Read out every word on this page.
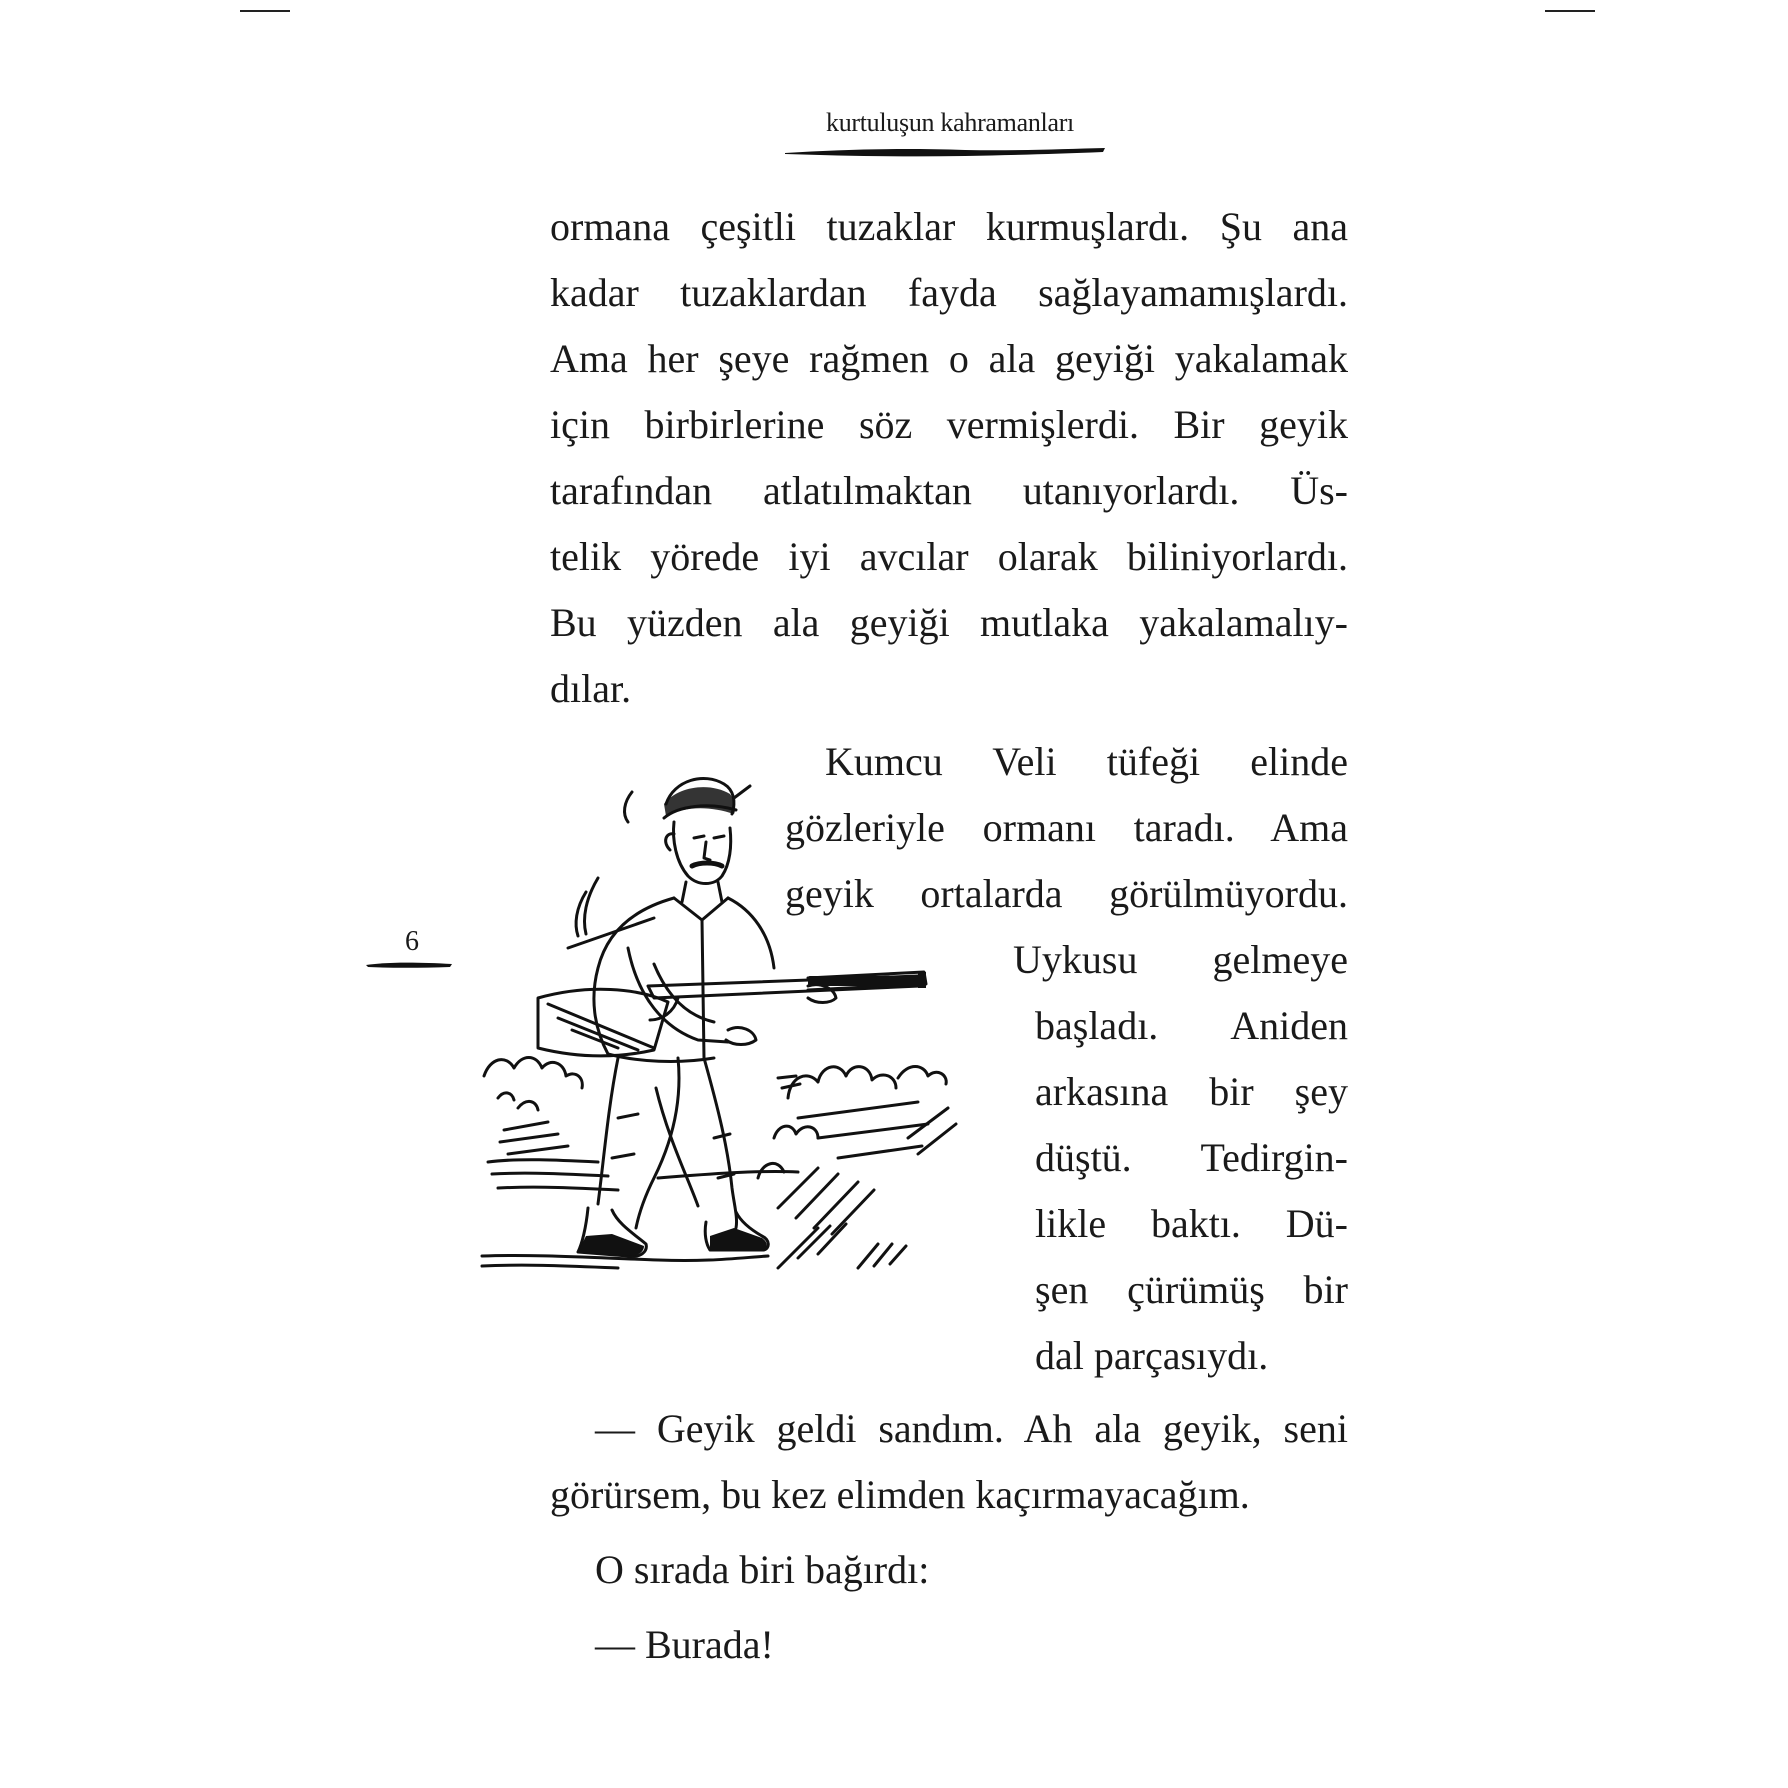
kurtuluşun kahramanları
6
ormana çeşitli tuzaklar kurmuşlardı. Şu ana
kadar tuzaklardan fayda sağlayamamışlardı.
Ama her şeye rağmen o ala geyiği yakalamak
için birbirlerine söz vermişlerdi. Bir geyik
tarafından atlatılmaktan utanıyorlardı. Üs-
telik yörede iyi avcılar olarak biliniyorlardı.
Bu yüzden ala geyiği mutlaka yakalamalıy-
dılar.
Kumcu Veli tüfeği elinde
gözleriyle ormanı taradı. Ama
geyik ortalarda görülmüyordu.
Uykusu gelmeye
başladı. Aniden
arkasına bir şey
düştü. Tedirgin-
likle baktı. Dü-
şen çürümüş bir
dal parçasıydı.
— Geyik geldi sandım. Ah ala geyik, seni
görürsem, bu kez elimden kaçırmayacağım.
O sırada biri bağırdı:
— Burada!
